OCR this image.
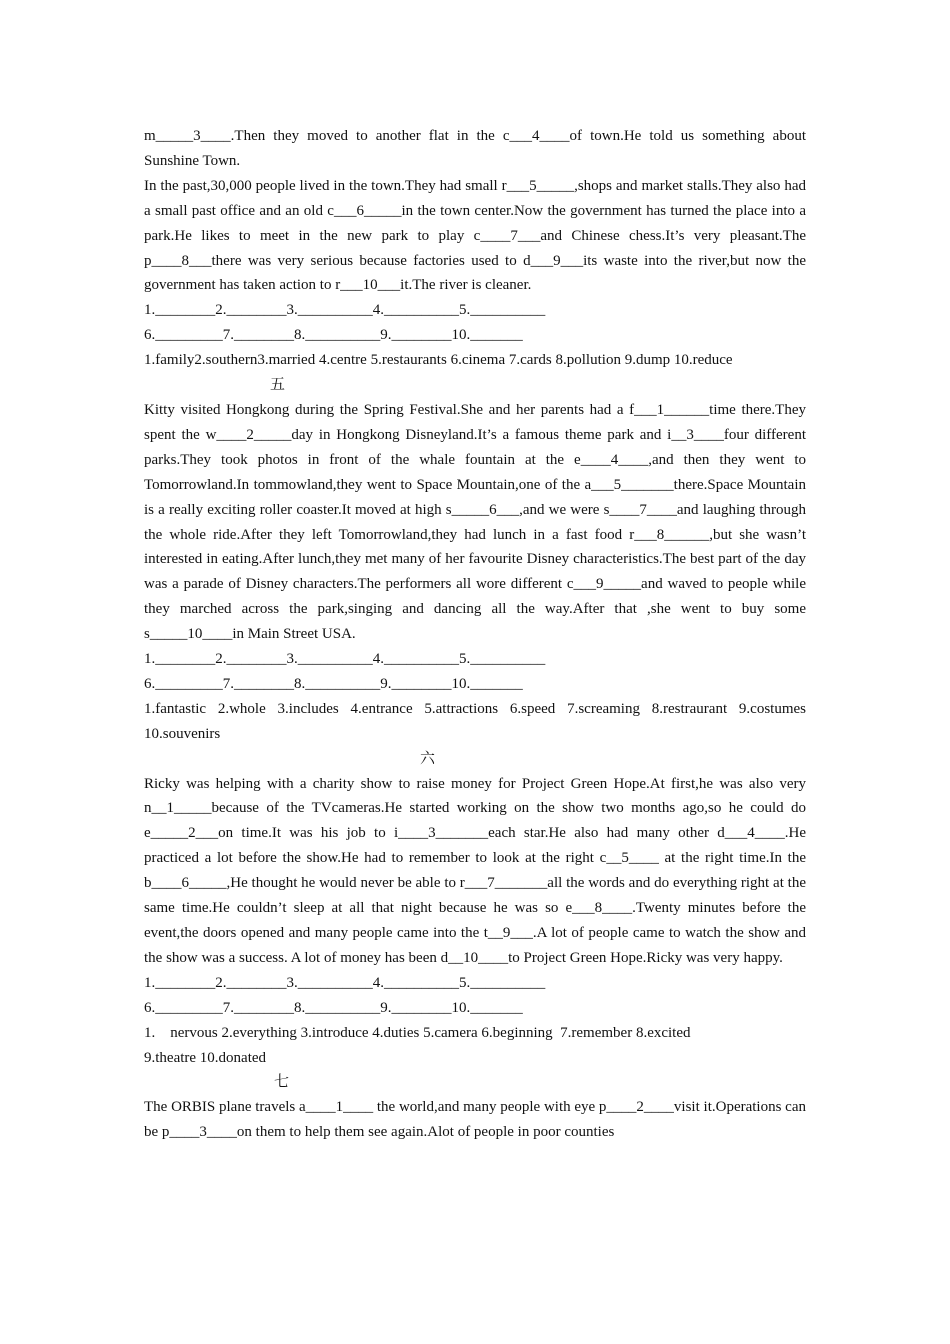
m_____3____.Then they moved to another flat in the c___4____of town.He told us something about Sunshine Town.

In the past,30,000 people lived in the town.They had small r___5_____,shops and market stalls.They also had a small past office and an old c___6_____in the town center.Now the government has turned the place into a park.He likes to meet in the new park to play c____7___and Chinese chess.It’s very pleasant.The p____8___there was very serious because factories used to d___9___its waste into the river,but now the government has taken action to r___10___it.The river is cleaner.

1.________2.________3.__________4.__________5.__________

6._________7.________8.__________9.________10._______

1.family2.southern3.married 4.centre 5.restaurants 6.cinema 7.cards 8.pollution 9.dump 10.reduce

五

Kitty visited Hongkong during the Spring Festival.She and her parents had a f___1______time there.They spent the w____2_____day in Hongkong Disneyland.It’s a famous theme park and i__3____four different parks.They took photos in front of the whale fountain at the e____4____,and then they went to Tomorrowland.In tommowland,they went to Space Mountain,one of the a___5_______there.Space Mountain is a really exciting roller coaster.It moved at high s_____6___,and we were s____7____and laughing through the whole ride.After they left Tomorrowland,they had lunch in a fast food r___8______,but she wasn’t interested in eating.After lunch,they met many of her favourite Disney characteristics.The best part of the day was a parade of Disney characters.The performers all wore different c___9_____and waved to people while they marched across the park,singing and dancing all the way.After that ,she went to buy some s_____10____in Main Street USA.

1.________2.________3.__________4.__________5.__________

6._________7.________8.__________9.________10._______

1.fantastic 2.whole 3.includes 4.entrance 5.attractions 6.speed 7.screaming 8.restraurant 9.costumes 10.souvenirs

六

Ricky was helping with a charity show to raise money for Project Green Hope.At first,he was also very n__1_____because of the TVcameras.He started working on the show two months ago,so he could do e_____2___on time.It was his job to i____3_______each star.He also had many other d___4____.He practiced a lot before the show.He had to remember to look at the right c__5____ at the right time.In the b____6_____,He thought he would never be able to r___7_______all the words and do everything right at the same time.He couldn’t sleep at all that night because he was so e___8____.Twenty minutes before the event,the doors opened and many people came into the t__9___.A lot of people came to watch the show and the show was a success. A lot of money has been d__10____to Project Green Hope.Ricky was very happy.

1.________2.________3.__________4.__________5.__________

6._________7.________8.__________9.________10._______

1.    nervous 2.everything 3.introduce 4.duties 5.camera 6.beginning  7.remember 8.excited

9.theatre 10.donated

七

The ORBIS plane travels a____1____ the world,and many people with eye p____2____visit it.Operations can be p____3____on them to help them see again.Alot of people in poor counties
